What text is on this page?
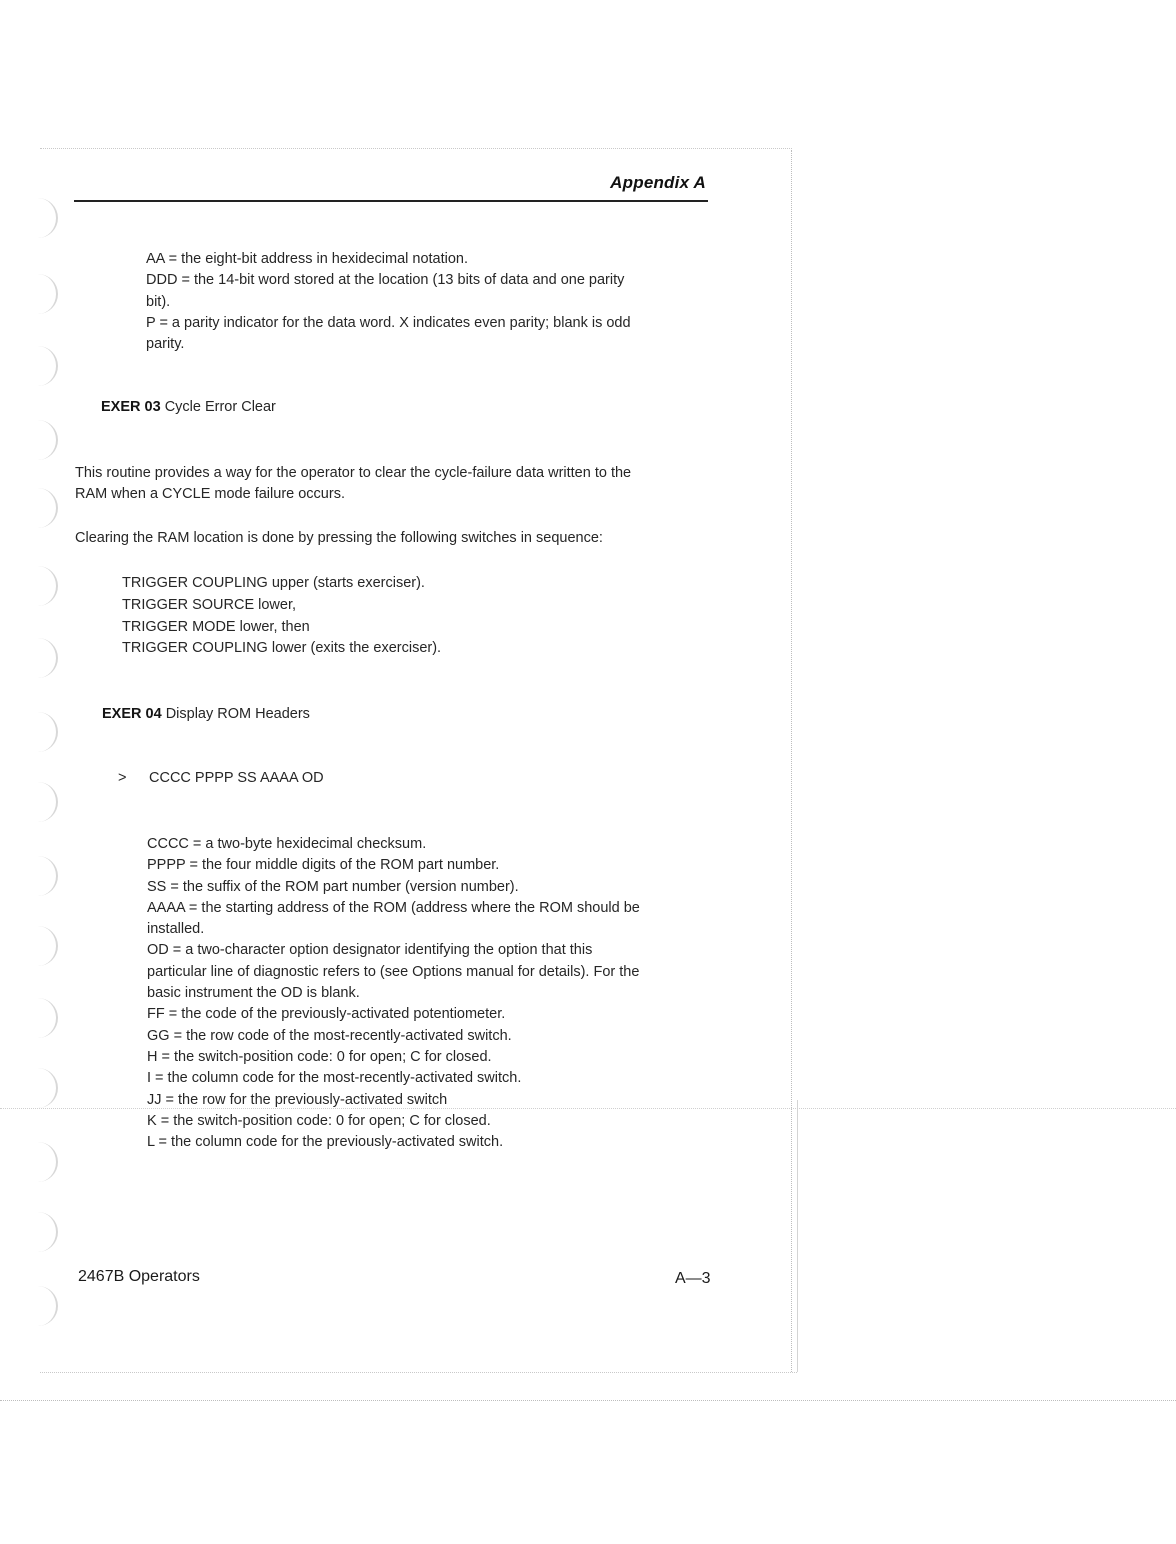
Appendix A
AA = the eight-bit address in hexidecimal notation.
DDD = the 14-bit word stored at the location (13 bits of data and one parity
bit).
P = a parity indicator for the data word. X indicates even parity; blank is odd
parity.
EXER 03 Cycle Error Clear
This routine provides a way for the operator to clear the cycle-failure data written to the
RAM when a CYCLE mode failure occurs.
Clearing the RAM location is done by pressing the following switches in sequence:
TRIGGER COUPLING upper (starts exerciser).
TRIGGER SOURCE lower,
TRIGGER MODE lower, then
TRIGGER COUPLING lower (exits the exerciser).
EXER 04 Display ROM Headers
> CCCC PPPP SS AAAA OD
CCCC = a two-byte hexidecimal checksum.
PPPP = the four middle digits of the ROM part number.
SS = the suffix of the ROM part number (version number).
AAAA = the starting address of the ROM (address where the ROM should be
installed.
OD = a two-character option designator identifying the option that this
particular line of diagnostic refers to (see Options manual for details). For the
basic instrument the OD is blank.
FF = the code of the previously-activated potentiometer.
GG = the row code of the most-recently-activated switch.
H = the switch-position code: 0 for open; C for closed.
I = the column code for the most-recently-activated switch.
JJ = the row for the previously-activated switch
K = the switch-position code: 0 for open; C for closed.
L = the column code for the previously-activated switch.
2467B Operators	A—3
